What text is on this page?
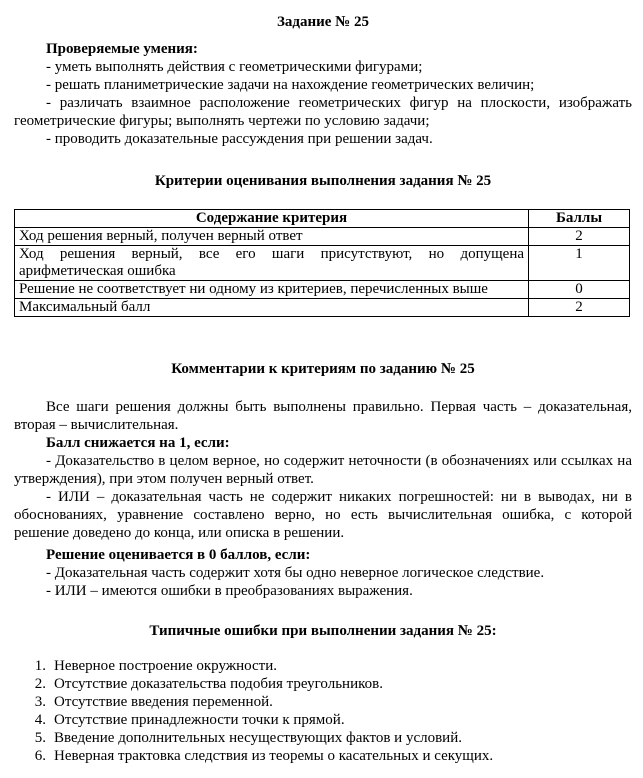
Задание № 25
Проверяемые умения:
- уметь выполнять действия с геометрическими фигурами;
- решать планиметрические задачи на нахождение геометрических величин;
- различать взаимное расположение геометрических фигур на плоскости, изображать геометрические фигуры; выполнять чертежи по условию задачи;
- проводить доказательные рассуждения при решении задач.
Критерии оценивания выполнения задания № 25
Содержание критерия	Баллы
Ход решения верный, получен верный ответ	2
Ход решения верный, все его шаги присутствуют, но допущена арифметическая ошибка	1
Решение не соответствует ни одному из критериев, перечисленных выше	0
Максимальный балл	2
Комментарии к критериям по заданию № 25
Все шаги решения должны быть выполнены правильно. Первая часть – доказательная, вторая – вычислительная.
Балл снижается на 1, если:
- Доказательство в целом верное, но содержит неточности (в обозначениях или ссылках на утверждения), при этом получен верный ответ.
- ИЛИ – доказательная часть не содержит никаких погрешностей: ни в выводах, ни в обоснованиях, уравнение составлено верно, но есть вычислительная ошибка, с которой решение доведено до конца, или описка в решении.
Решение оценивается в 0 баллов, если:
- Доказательная часть содержит хотя бы одно неверное логическое следствие.
- ИЛИ – имеются ошибки в преобразованиях выражения.
Типичные ошибки при выполнении задания № 25:
1. Неверное построение окружности.
2. Отсутствие доказательства подобия треугольников.
3. Отсутствие введения переменной.
4. Отсутствие принадлежности точки к прямой.
5. Введение дополнительных несуществующих фактов и условий.
6. Неверная трактовка следствия из теоремы о касательных и секущих.
